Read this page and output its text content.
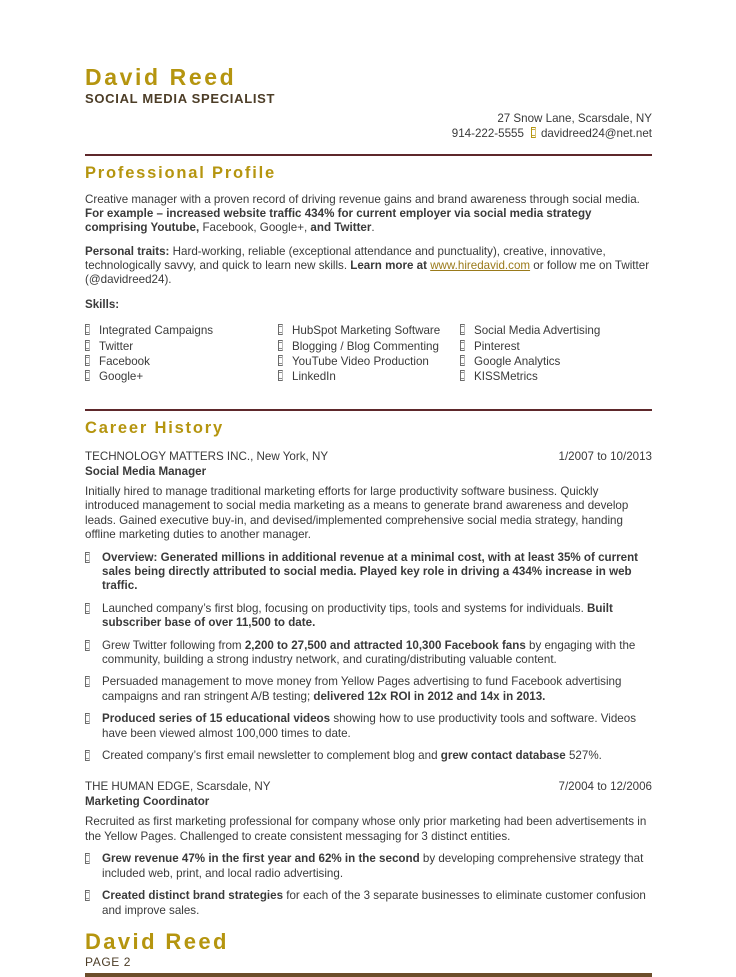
David Reed
SOCIAL MEDIA SPECIALIST
27 Snow Lane, Scarsdale, NY
914-222-5555 davidreed24@net.net
Professional Profile
Creative manager with a proven record of driving revenue gains and brand awareness through social media. For example – increased website traffic 434% for current employer via social media strategy comprising Youtube, Facebook, Google+, and Twitter.
Personal traits: Hard-working, reliable (exceptional attendance and punctuality), creative, innovative, technologically savvy, and quick to learn new skills. Learn more at www.hiredavid.com or follow me on Twitter (@davidreed24).
Skills:
Integrated Campaigns
Twitter
Facebook
Google+
HubSpot Marketing Software
Blogging / Blog Commenting
YouTube Video Production
LinkedIn
Social Media Advertising
Pinterest
Google Analytics
KISSMetrics
Career History
TECHNOLOGY MATTERS INC., New York, NY	1/2007 to 10/2013
Social Media Manager
Initially hired to manage traditional marketing efforts for large productivity software business. Quickly introduced management to social media marketing as a means to generate brand awareness and develop leads. Gained executive buy-in, and devised/implemented comprehensive social media strategy, handing offline marketing duties to another manager.
Overview: Generated millions in additional revenue at a minimal cost, with at least 35% of current sales being directly attributed to social media. Played key role in driving a 434% increase in web traffic.
Launched company’s first blog, focusing on productivity tips, tools and systems for individuals. Built subscriber base of over 11,500 to date.
Grew Twitter following from 2,200 to 27,500 and attracted 10,300 Facebook fans by engaging with the community, building a strong industry network, and curating/distributing valuable content.
Persuaded management to move money from Yellow Pages advertising to fund Facebook advertising campaigns and ran stringent A/B testing; delivered 12x ROI in 2012 and 14x in 2013.
Produced series of 15 educational videos showing how to use productivity tools and software. Videos have been viewed almost 100,000 times to date.
Created company’s first email newsletter to complement blog and grew contact database 527%.
THE HUMAN EDGE, Scarsdale, NY	7/2004 to 12/2006
Marketing Coordinator
Recruited as first marketing professional for company whose only prior marketing had been advertisements in the Yellow Pages. Challenged to create consistent messaging for 3 distinct entities.
Grew revenue 47% in the first year and 62% in the second by developing comprehensive strategy that included web, print, and local radio advertising.
Created distinct brand strategies for each of the 3 separate businesses to eliminate customer confusion and improve sales.
David Reed
PAGE 2
